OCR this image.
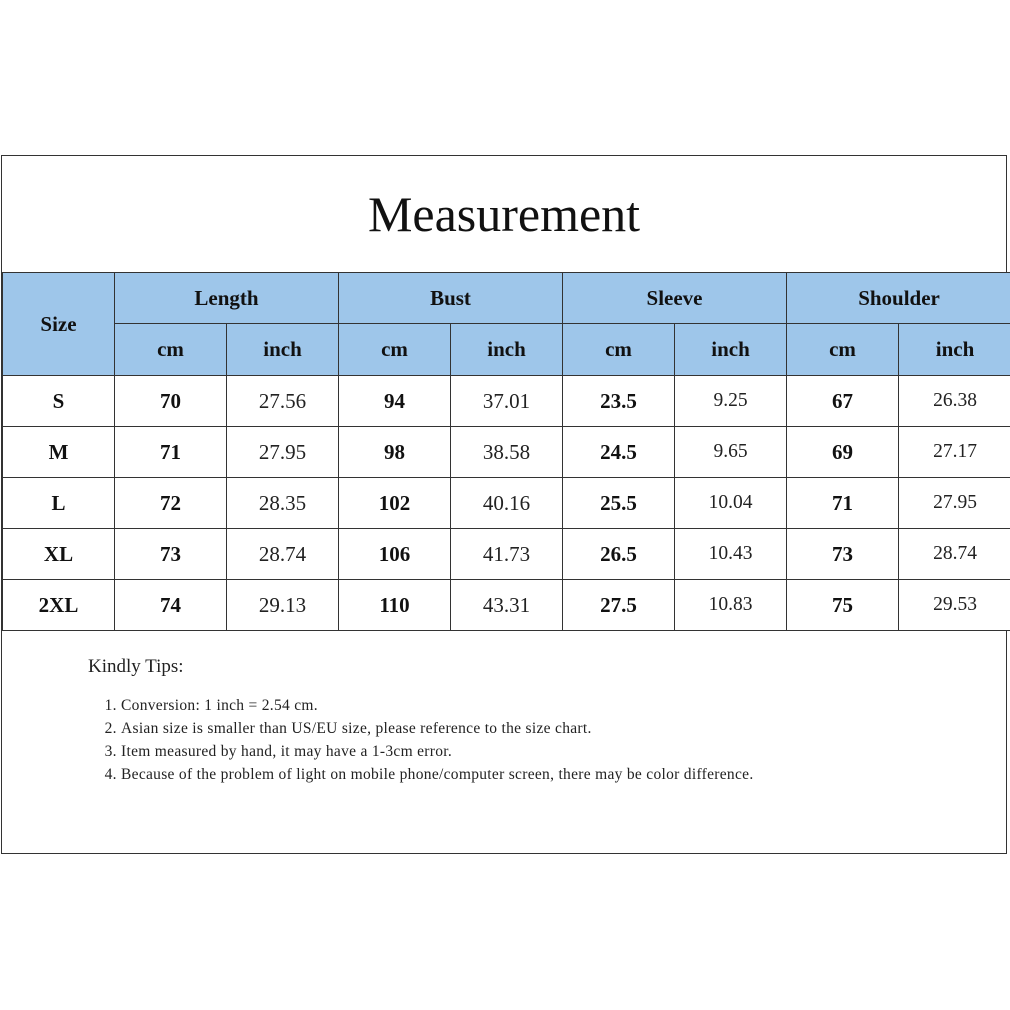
Measurement
Size	Length		Bust		Sleeve		Shoulder	
	cm	inch	cm	inch	cm	inch	cm	inch
S	70	27.56	94	37.01	23.5	9.25	67	26.38
M	71	27.95	98	38.58	24.5	9.65	69	27.17
L	72	28.35	102	40.16	25.5	10.04	71	27.95
XL	73	28.74	106	41.73	26.5	10.43	73	28.74
2XL	74	29.13	110	43.31	27.5	10.83	75	29.53
Kindly Tips:
1. Conversion: 1 inch = 2.54 cm.
2. Asian size is smaller than US/EU size, please reference to the size chart.
3. Item measured by hand, it may have a 1-3cm error.
4. Because of the problem of light on mobile phone/computer screen, there may be color difference.
